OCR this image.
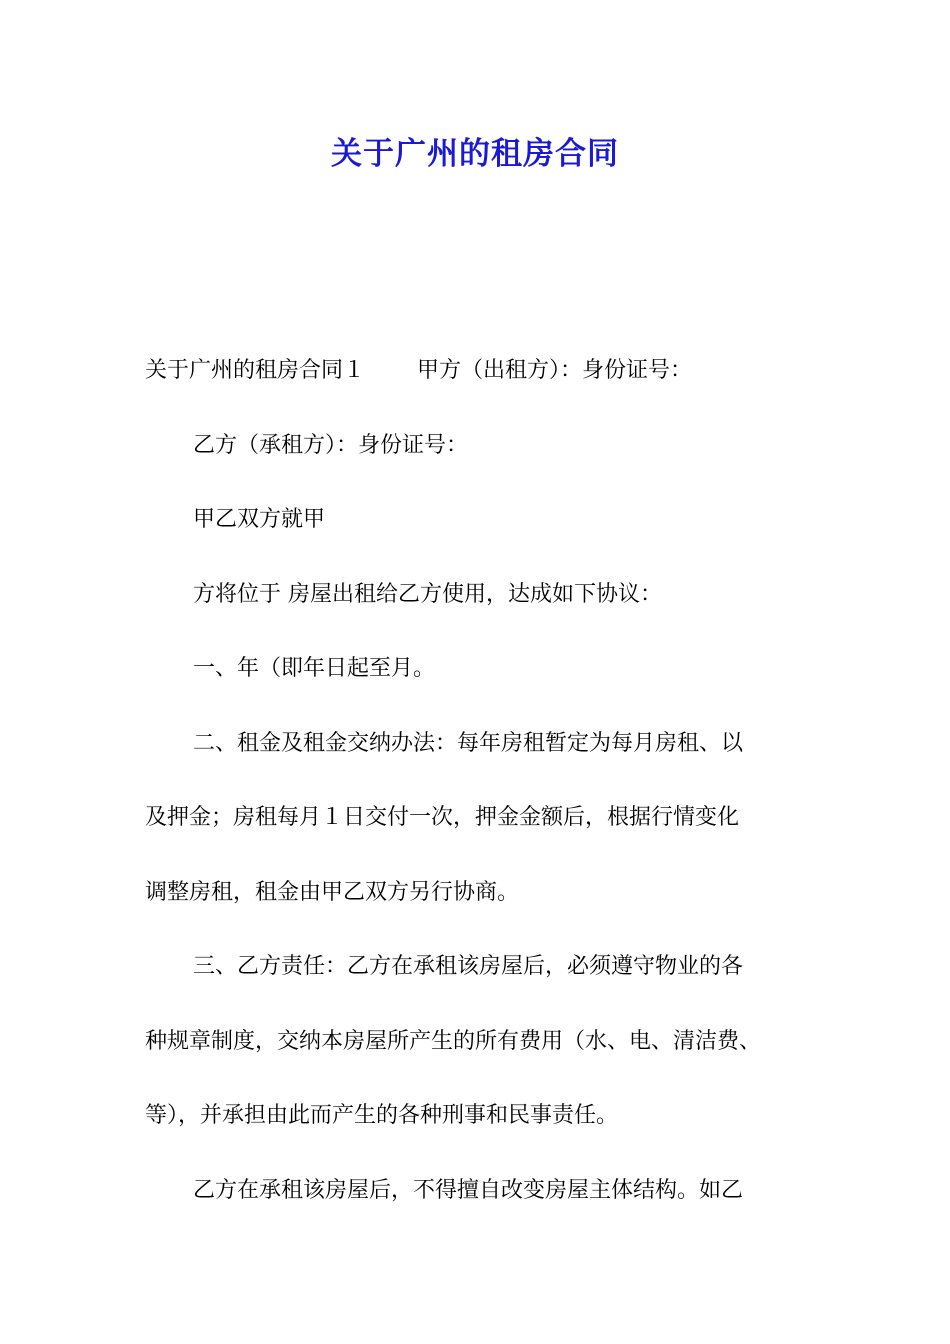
关于广州的租房合同

关于广州的租房合同１ 甲方（出租方）：身份证号：

乙方（承租方）：身份证号：

甲乙双方就甲

方将位于 房屋出租给乙方使用，达成如下协议：

一、年（即年日起至月。

二、租金及租金交纳办法：每年房租暂定为每月房租、以

及押金；房租每月１日交付一次，押金金额后，根据行情变化

调整房租，租金由甲乙双方另行协商。

三、乙方责任：乙方在承租该房屋后，必须遵守物业的各

种规章制度，交纳本房屋所产生的所有费用（水、电、清洁费、

等），并承担由此而产生的各种刑事和民事责任。

乙方在承租该房屋后，不得擅自改变房屋主体结构。如乙
